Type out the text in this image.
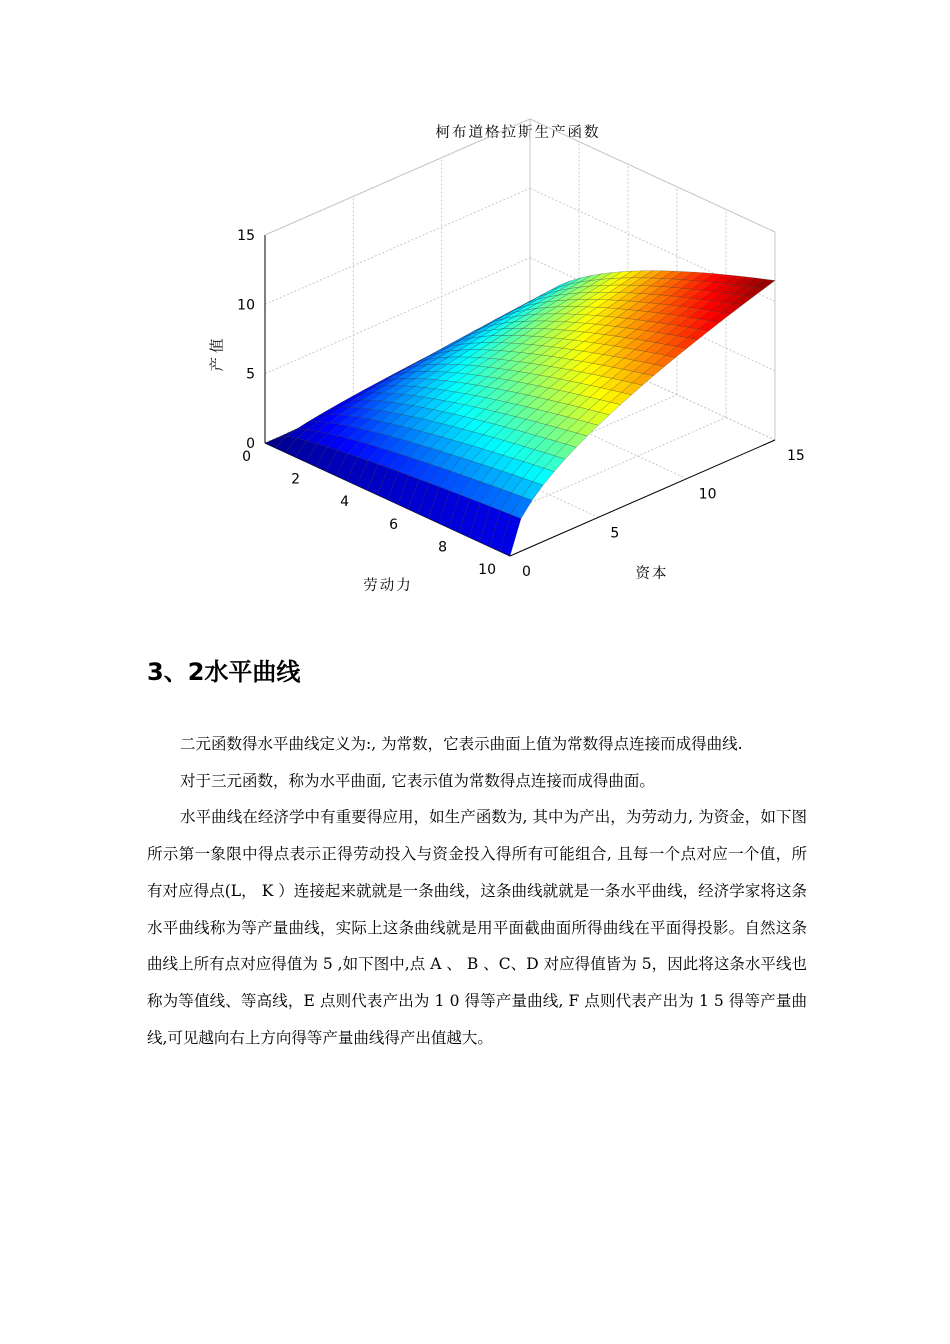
柯布道格拉斯生产函数
0
5
10
15
0
2
4
6
8
10 0
5
10
15
产值
劳动力
资本
3、2水平曲线

二元函数得水平曲线定义为:, 为常数，它表示曲面上值为常数得点连接而成得曲线.

对于三元函数，称为水平曲面, 它表示值为常数得点连接而成得曲面。

水平曲线在经济学中有重要得应用，如生产函数为, 其中为产出，为劳动力, 为资金，如下图所示第一象限中得点表示正得劳动投入与资金投入得所有可能组合, 且每一个点对应一个值，所有对应得点(L， K ）连接起来就就是一条曲线，这条曲线就就是一条水平曲线，经济学家将这条水平曲线称为等产量曲线，实际上这条曲线就是用平面截曲面所得曲线在平面得投影。自然这条曲线上所有点对应得值为 5 ,如下图中,点 A 、 B 、C、D 对应得值皆为 5，因此将这条水平线也称为等值线、等高线，E 点则代表产出为 1 0 得等产量曲线, F 点则代表产出为 1 5 得等产量曲线,可见越向右上方向得等产量曲线得产出值越大。
